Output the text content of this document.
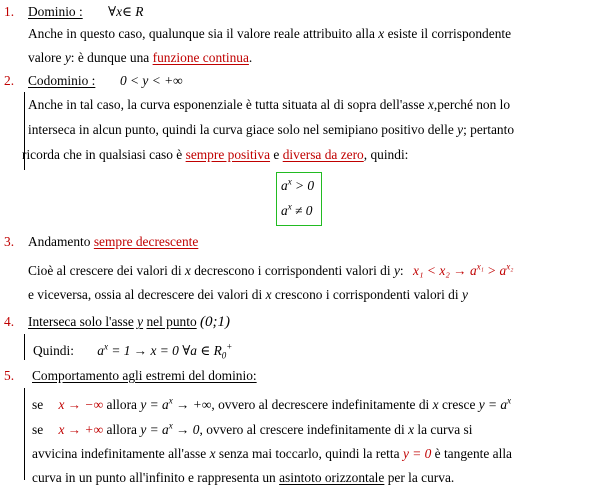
1. Dominio : ∀x∈ R
Anche in questo caso, qualunque sia il valore reale attribuito alla x esiste il corrispondente
valore y: è dunque una funzione continua.
2. Codominio : 0 < y < +∞
Anche in tal caso, la curva esponenziale è tutta situata al di sopra dell'asse x,perché non lo
interseca in alcun punto, quindi la curva giace solo nel semipiano positivo delle y; pertanto
ricorda che in qualsiasi caso è sempre positiva e diversa da zero, quindi:
$a^x > 0$
$a^x \ne 0$
3. Andamento sempre decrescente
Cioè al crescere dei valori di x decrescono i corrispondenti valori di y: $x_1 < x_2 \to a^{x_1} > a^{x_2}$
e viceversa, ossia al decrescere dei valori di x crescono i corrispondenti valori di y
4. Interseca solo l'asse y nel punto (0;1)
Quindi: $a^x = 1 \to x = 0$ ∀a ∈ $R_0^+$
5. Comportamento agli estremi del dominio:
se x → −∞ allora $y = a^x$ → +∞, ovvero al decrescere indefinitamente di x cresce $y = a^x$
se x → +∞ allora $y = a^x \to 0$, ovvero al crescere indefinitamente di x la curva si
avvicina indefinitamente all'asse x senza mai toccarlo, quindi la retta y = 0 è tangente alla
curva in un punto all'infinito e rappresenta un asintoto orizzontale per la curva.
